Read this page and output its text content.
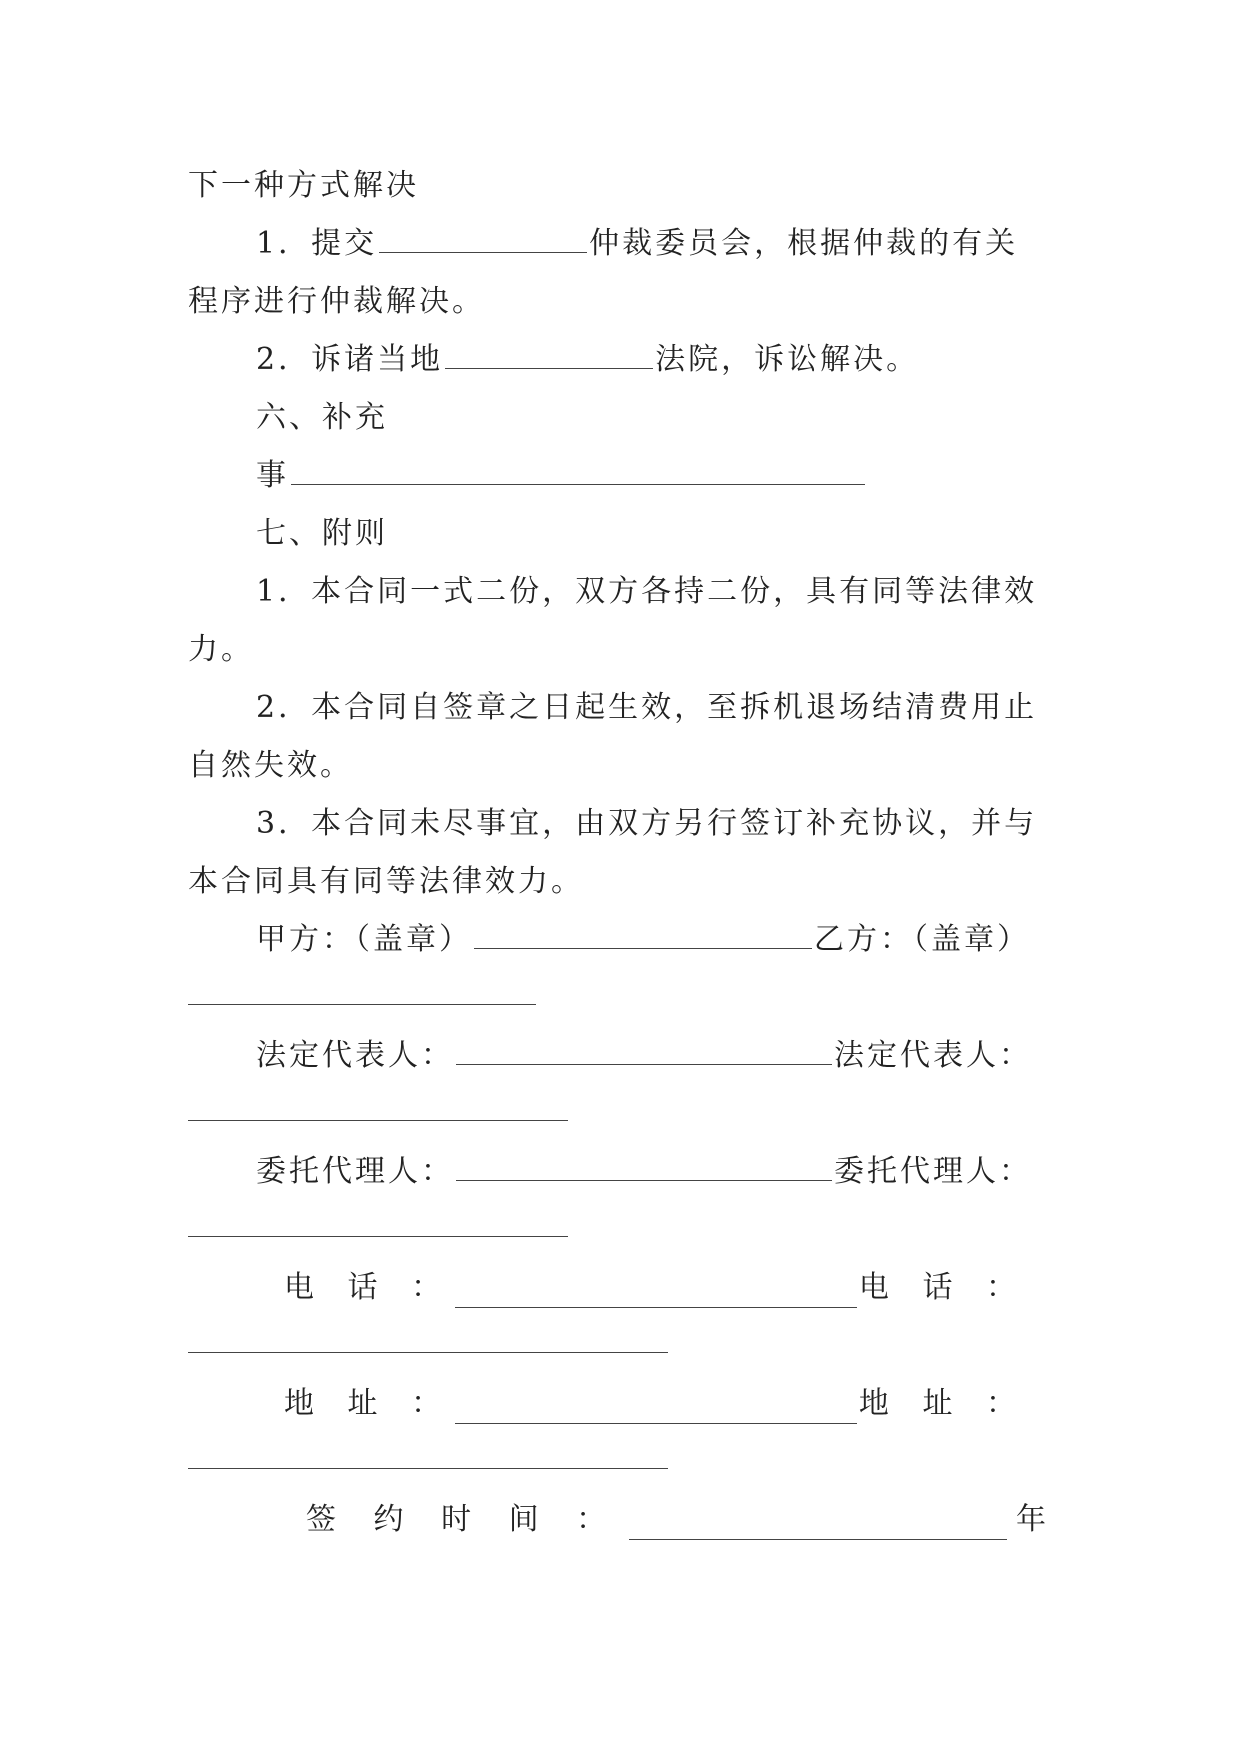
下一种方式解决
1．提交	仲裁委员会，根据仲裁的有关
程序进行仲裁解决。
2．诉诸当地	法院，诉讼解决。
六、补充
事
七、附则
1．本合同一式二份，双方各持二份，具有同等法律效
力。
2．本合同自签章之日起生效，至拆机退场结清费用止
自然失效。
3．本合同未尽事宜，由双方另行签订补充协议，并与
本合同具有同等法律效力。
甲方：（盖章）	乙方：（盖章）
法定代表人：	法定代表人：
委托代理人：	委托代理人：
电 话 ：	电 话 ：
地 址 ：	地 址 ：
签 约 时 间 ：	年
